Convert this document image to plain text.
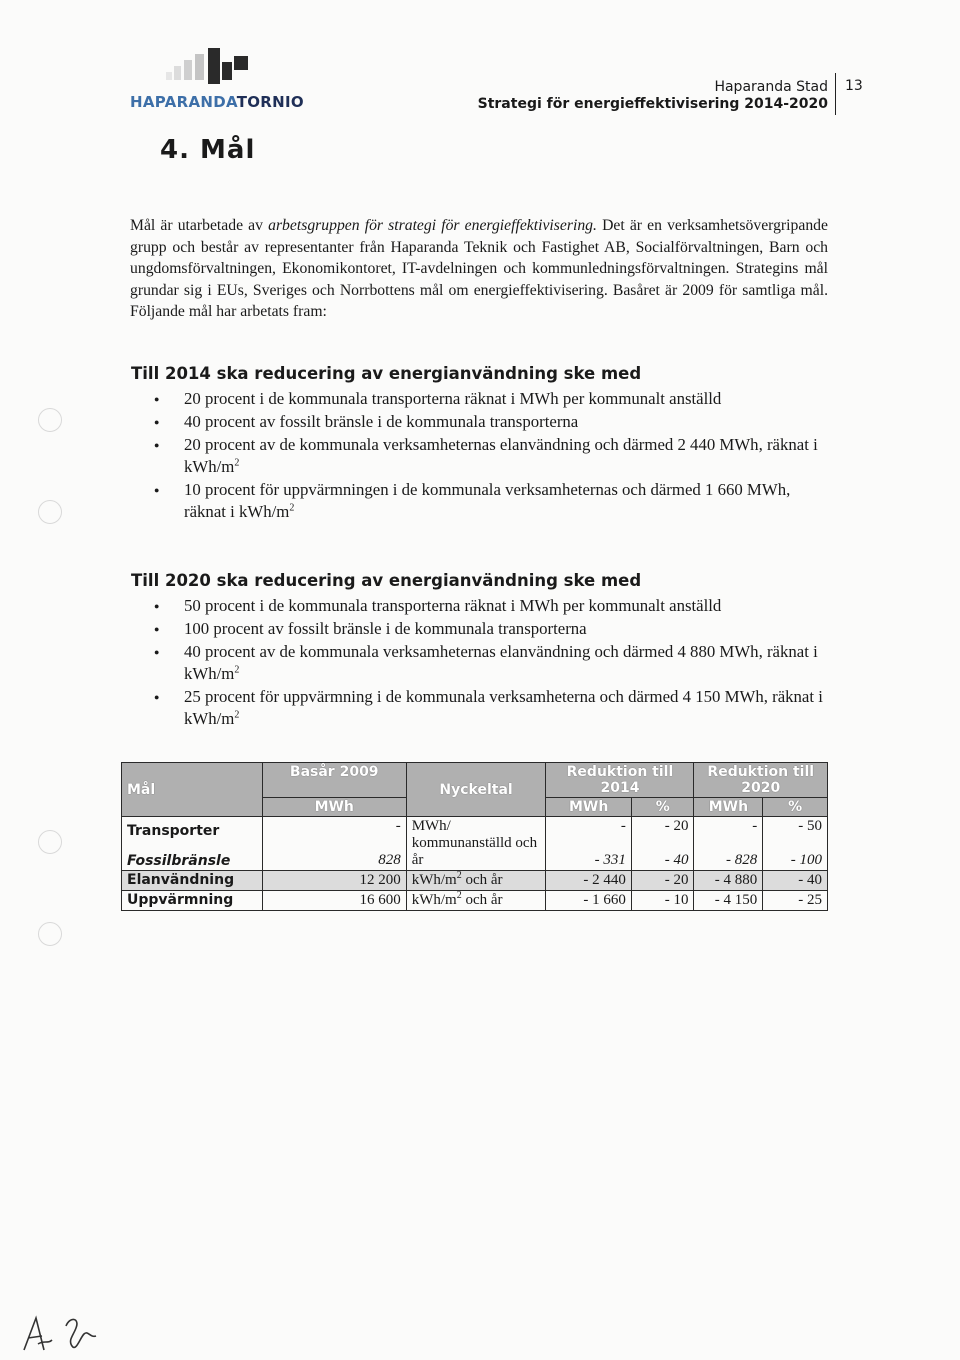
HAPARANDATORNIO
Haparanda Stad
Strategi för energieffektivisering 2014-2020
13
4. Mål

Mål är utarbetade av arbetsgruppen för strategi för energieffektivisering. Det är en verksamhetsövergripande grupp och består av representanter från Haparanda Teknik och Fastighet AB, Socialförvaltningen, Barn och ungdomsförvaltningen, Ekonomikontoret, IT-avdelningen och kommunledningsförvaltningen. Strategins mål grundar sig i EUs, Sveriges och Norrbottens mål om energieffektivisering. Basåret är 2009 för samtliga mål. Följande mål har arbetats fram:

Till 2014 ska reducering av energianvändning ske med
● 20 procent i de kommunala transporterna räknat i MWh per kommunalt anställd
● 40 procent av fossilt bränsle i de kommunala transporterna
● 20 procent av de kommunala verksamheternas elanvändning och därmed 2 440 MWh, räknat i kWh/$m^2$
● 10 procent för uppvärmningen i de kommunala verksamheternas och därmed 1 660 MWh, räknat i kWh/$m^2$
Till 2020 ska reducering av energianvändning ske med
● 50 procent i de kommunala transporterna räknat i MWh per kommunalt anställd
● 100 procent av fossilt bränsle i de kommunala transporterna
● 40 procent av de kommunala verksamheternas elanvändning och därmed 4 880 MWh, räknat i kWh/$m^2$
● 25 procent för uppvärmning i de kommunala verksamheterna och därmed 4 150 MWh, räknat i kWh/$m^2$
Mål	Basår 2009	Nyckeltal	Reduktion till 2014		Reduktion till 2020	
	MWh		MWh	%	MWh	%
Transporter	-	MWh/ kommunanställd och år	-	- 20	-	- 50
Fossilbränsle	828		- 331	- 40	- 828	- 100
Elanvändning	12 200	kWh/$m^2$ och år	- 2 440	- 20	- 4 880	- 40
Uppvärmning	16 600	kWh/$m^2$ och år	- 1 660	- 10	- 4 150	- 25
